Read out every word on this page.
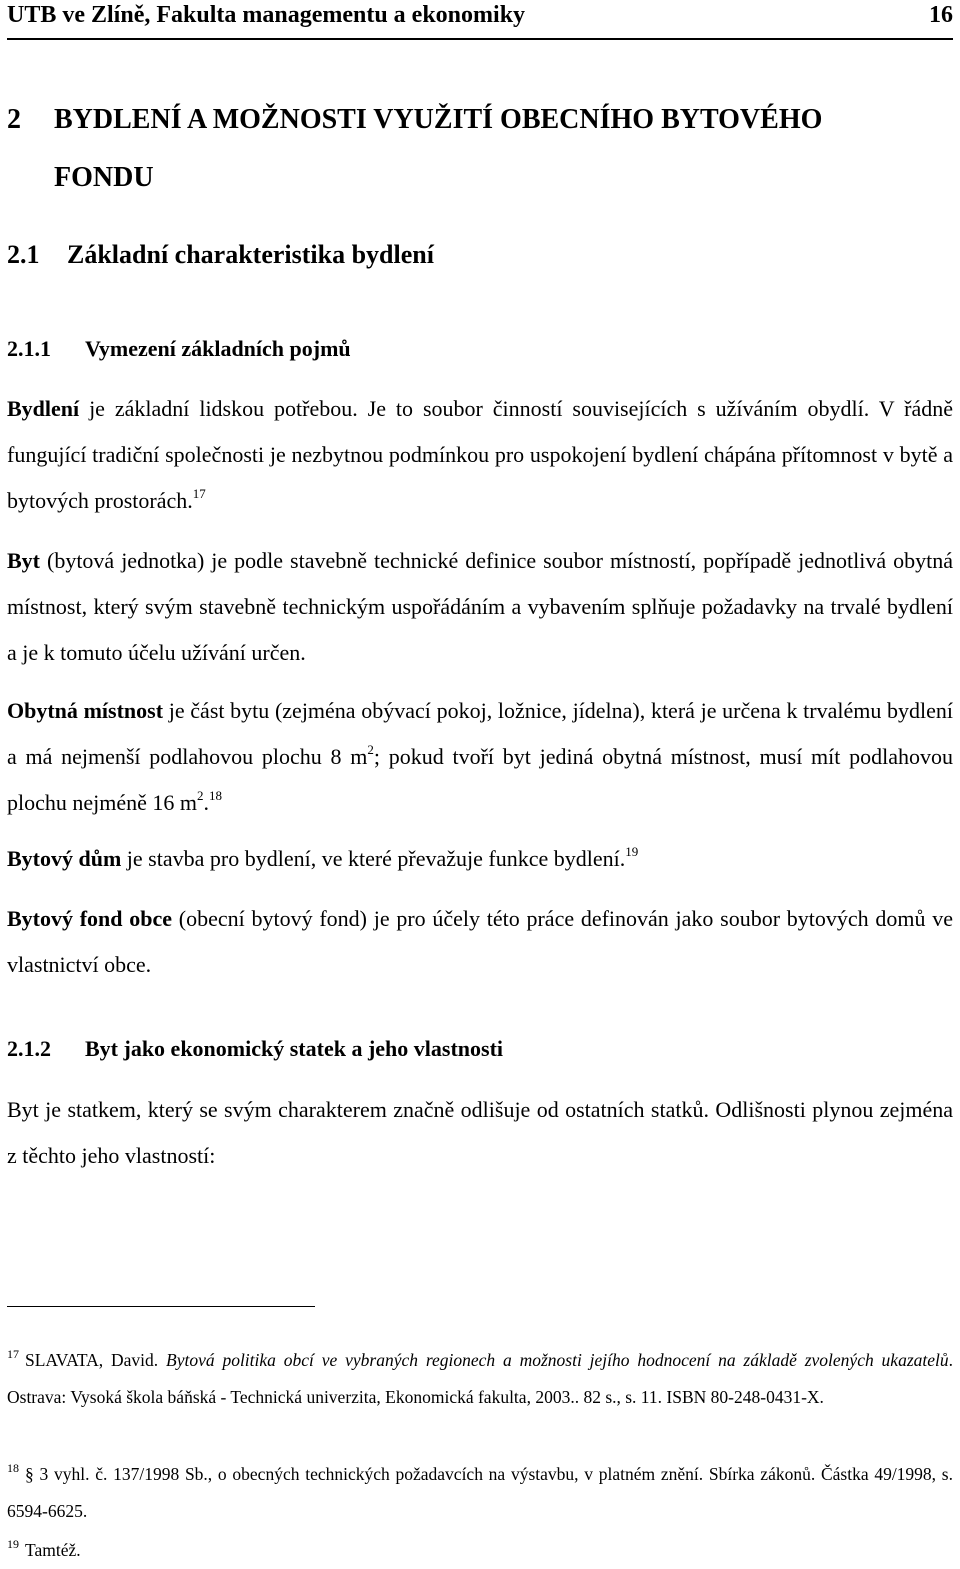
UTB ve Zlíně, Fakulta managementu a ekonomiky	16
2 BYDLENÍ A MOŽNOSTI VYUŽITÍ OBECNÍHO BYTOVÉHO FONDU
2.1 Základní charakteristika bydlení
2.1.1 Vymezení základních pojmů
Bydlení je základní lidskou potřebou. Je to soubor činností souvisejících s užíváním obydlí. V řádně fungující tradiční společnosti je nezbytnou podmínkou pro uspokojení bydlení chápána přítomnost v bytě a bytových prostorách.$^{17}$
Byt (bytová jednotka) je podle stavebně technické definice soubor místností, popřípadě jednotlivá obytná místnost, který svým stavebně technickým uspořádáním a vybavením splňuje požadavky na trvalé bydlení a je k tomuto účelu užívání určen.
Obytná místnost je část bytu (zejména obývací pokoj, ložnice, jídelna), která je určena k trvalému bydlení a má nejmenší podlahovou plochu 8 $m^2$; pokud tvoří byt jediná obytná místnost, musí mít podlahovou plochu nejméně 16 $m^2.^{18}$
Bytový dům je stavba pro bydlení, ve které převažuje funkce bydlení.$^{19}$
Bytový fond obce (obecní bytový fond) je pro účely této práce definován jako soubor bytových domů ve vlastnictví obce.
2.1.2 Byt jako ekonomický statek a jeho vlastnosti
Byt je statkem, který se svým charakterem značně odlišuje od ostatních statků. Odlišnosti plynou zejména z těchto jeho vlastností:
$^{17}$ SLAVATA, David. Bytová politika obcí ve vybraných regionech a možnosti jejího hodnocení na základě zvolených ukazatelů. Ostrava: Vysoká škola báňská - Technická univerzita, Ekonomická fakulta, 2003.. 82 s., s. 11. ISBN 80-248-0431-X.
$^{18}$ § 3 vyhl. č. 137/1998 Sb., o obecných technických požadavcích na výstavbu, v platném znění. Sbírka zákonů. Částka 49/1998, s. 6594-6625.
$^{19}$ Tamtéž.
